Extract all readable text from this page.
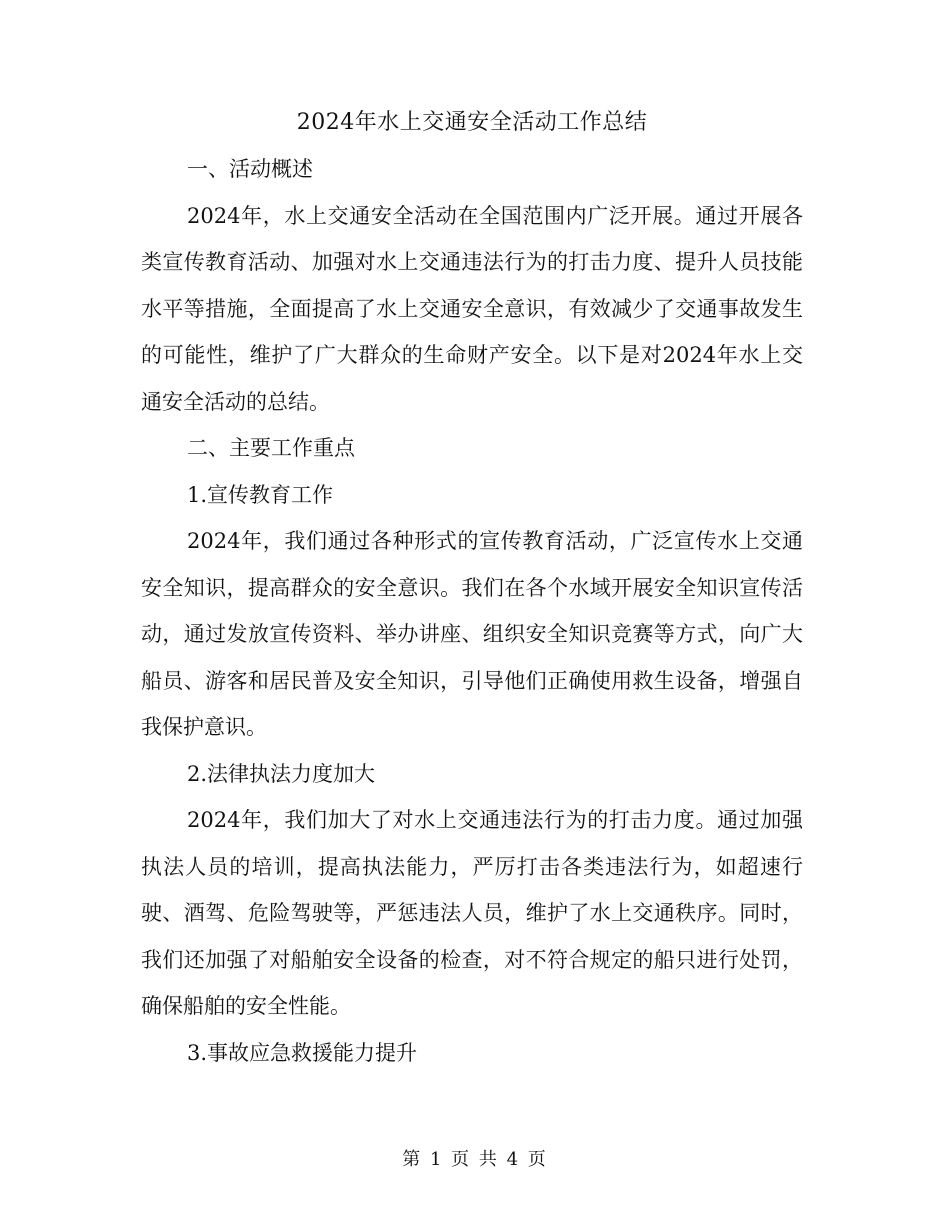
2024年水上交通安全活动工作总结

一、活动概述

2024年，水上交通安全活动在全国范围内广泛开展。通过开展各类宣传教育活动、加强对水上交通违法行为的打击力度、提升人员技能水平等措施，全面提高了水上交通安全意识，有效减少了交通事故发生的可能性，维护了广大群众的生命财产安全。以下是对2024年水上交通安全活动的总结。

二、主要工作重点

1.宣传教育工作

2024年，我们通过各种形式的宣传教育活动，广泛宣传水上交通安全知识，提高群众的安全意识。我们在各个水域开展安全知识宣传活动，通过发放宣传资料、举办讲座、组织安全知识竞赛等方式，向广大船员、游客和居民普及安全知识，引导他们正确使用救生设备，增强自我保护意识。

2.法律执法力度加大

2024年，我们加大了对水上交通违法行为的打击力度。通过加强执法人员的培训，提高执法能力，严厉打击各类违法行为，如超速行驶、酒驾、危险驾驶等，严惩违法人员，维护了水上交通秩序。同时，我们还加强了对船舶安全设备的检查，对不符合规定的船只进行处罚，确保船舶的安全性能。

3.事故应急救援能力提升

第 1 页 共 4 页
